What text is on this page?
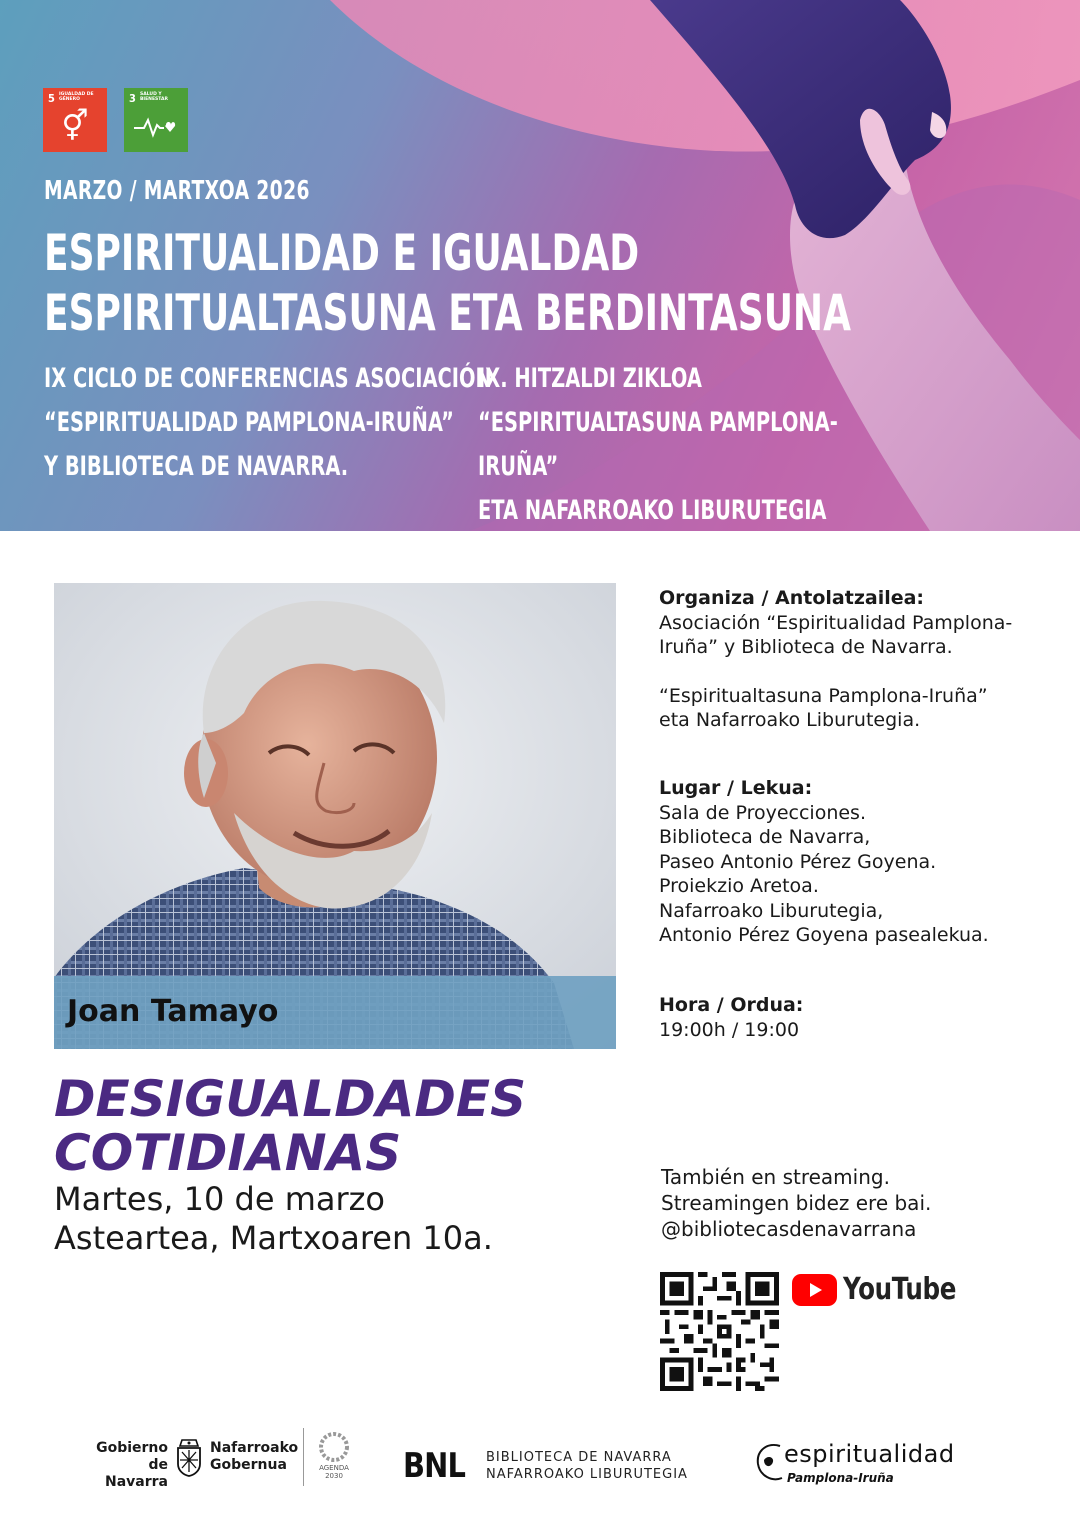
5 IGUALDAD DE GÉNERO
⚥
3 SALUD Y BIENESTAR
MARZO / MARTXOA 2026
ESPIRITUALIDAD E IGUALDAD
ESPIRITUALTASUNA ETA BERDINTASUNA
IX CICLO DE CONFERENCIAS ASOCIACIÓN
“ESPIRITUALIDAD PAMPLONA-IRUÑA”
Y BIBLIOTECA DE NAVARRA.
IX. HITZALDI ZIKLOA
“ESPIRITUALTASUNA PAMPLONA-IRUÑA”
ETA NAFARROAKO LIBURUTEGIA
Joan Tamayo
DESIGUALDADES COTIDIANAS
Martes, 10 de marzo
Asteartea, Martxoaren 10a.
Organiza / Antolatzailea:

Asociación “Espiritualidad Pamplona-
Iruña” y Biblioteca de Navarra.

“Espiritualtasuna Pamplona-Iruña”
eta Nafarroako Liburutegia.

Lugar / Lekua:

Sala de Proyecciones.
Biblioteca de Navarra,
Paseo Antonio Pérez Goyena.
Proiekzio Aretoa.
Nafarroako Liburutegia,
Antonio Pérez Goyena pasealekua.

Hora / Ordua:

19:00h / 19:00

También en streaming.
Streamingen bidez ere bai.
@bibliotecasdenavarrana
YouTube
Gobierno
de Navarra
Nafarroako
Gobernua	AGENDA
2030 BNL BIBLIOTECA DE NAVARRA
NAFARROAKO LIBURUTEGIA
espiritualidad
Pamplona-Iruña
